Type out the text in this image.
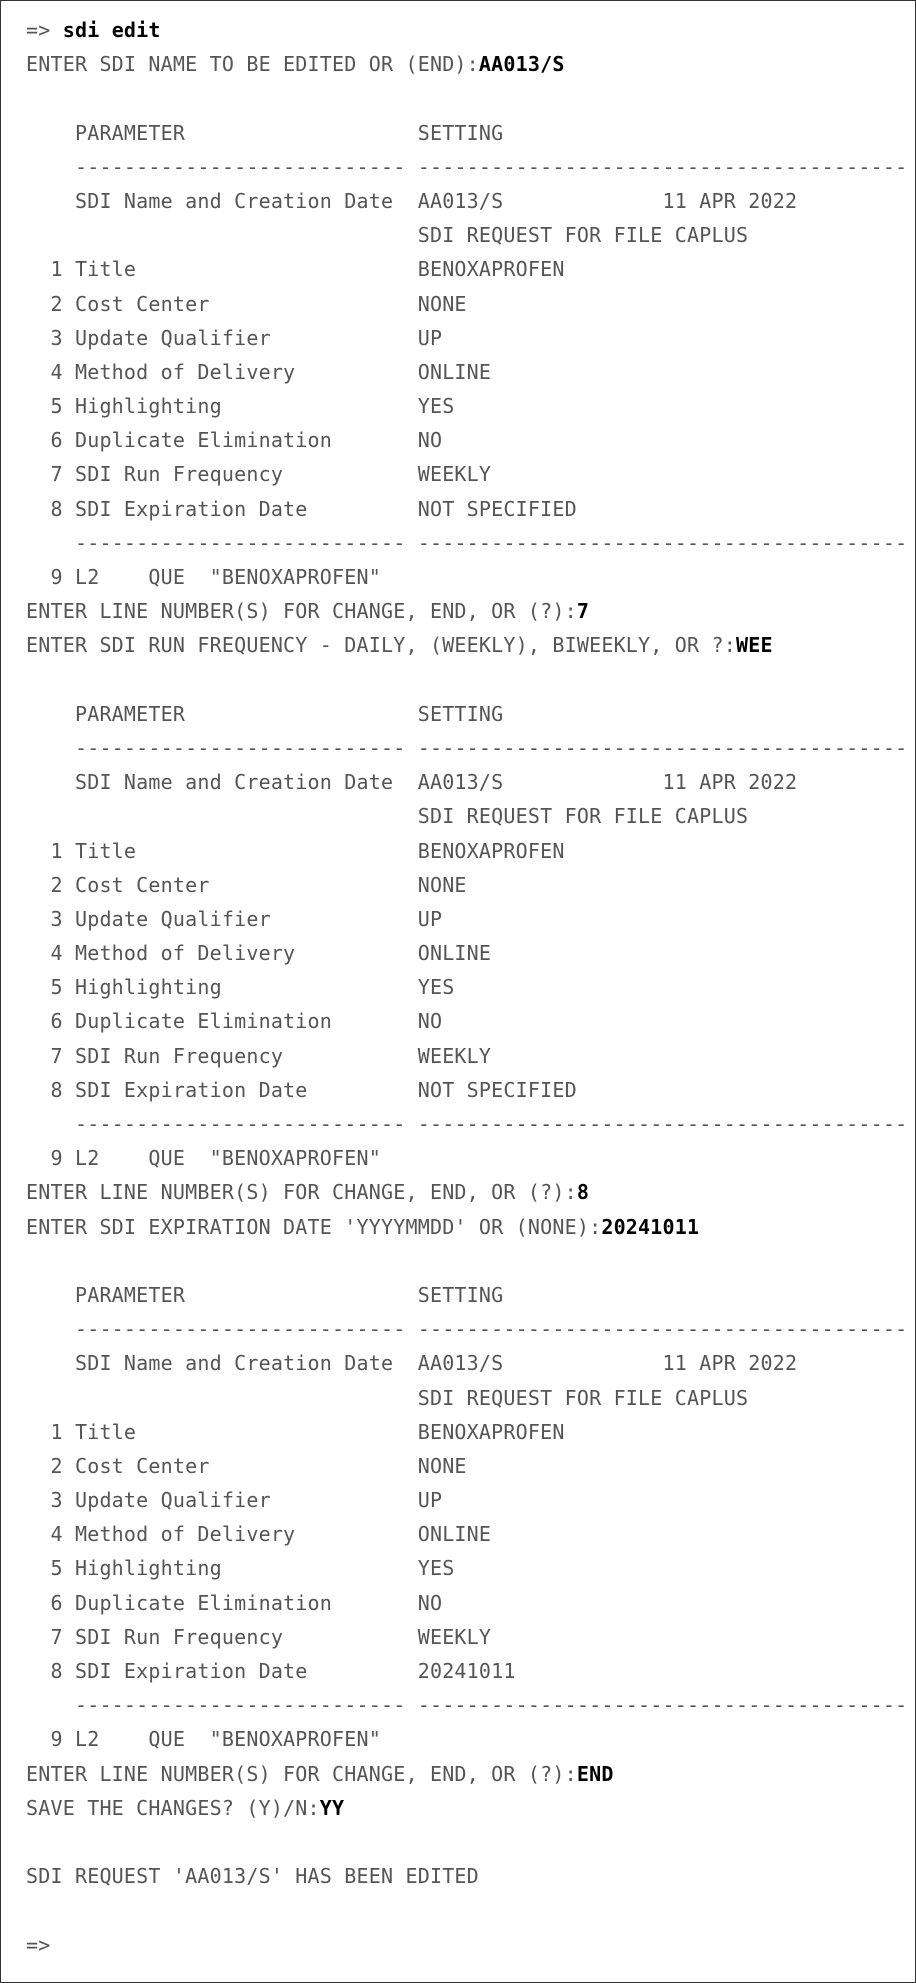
=> sdi edit
ENTER SDI NAME TO BE EDITED OR (END):AA013/S
PARAMETER                   SETTING
--------------------------- ----------------------------------------
SDI Name and Creation Date  AA013/S             11 APR 2022
SDI REQUEST FOR FILE CAPLUS
1 Title                       BENOXAPROFEN
2 Cost Center                 NONE
3 Update Qualifier            UP
4 Method of Delivery          ONLINE
5 Highlighting                YES
6 Duplicate Elimination       NO
7 SDI Run Frequency           WEEKLY
8 SDI Expiration Date         NOT SPECIFIED
--------------------------- ----------------------------------------
9 L2    QUE  "BENOXAPROFEN"
ENTER LINE NUMBER(S) FOR CHANGE, END, OR (?):7
ENTER SDI RUN FREQUENCY - DAILY, (WEEKLY), BIWEEKLY, OR ?:WEE
PARAMETER                   SETTING
--------------------------- ----------------------------------------
SDI Name and Creation Date  AA013/S             11 APR 2022
SDI REQUEST FOR FILE CAPLUS
1 Title                       BENOXAPROFEN
2 Cost Center                 NONE
3 Update Qualifier            UP
4 Method of Delivery          ONLINE
5 Highlighting                YES
6 Duplicate Elimination       NO
7 SDI Run Frequency           WEEKLY
8 SDI Expiration Date         NOT SPECIFIED
--------------------------- ----------------------------------------
9 L2    QUE  "BENOXAPROFEN"
ENTER LINE NUMBER(S) FOR CHANGE, END, OR (?):8
ENTER SDI EXPIRATION DATE 'YYYYMMDD' OR (NONE):20241011
PARAMETER                   SETTING
--------------------------- ----------------------------------------
SDI Name and Creation Date  AA013/S             11 APR 2022
SDI REQUEST FOR FILE CAPLUS
1 Title                       BENOXAPROFEN
2 Cost Center                 NONE
3 Update Qualifier            UP
4 Method of Delivery          ONLINE
5 Highlighting                YES
6 Duplicate Elimination       NO
7 SDI Run Frequency           WEEKLY
8 SDI Expiration Date         20241011
--------------------------- ----------------------------------------
9 L2    QUE  "BENOXAPROFEN"
ENTER LINE NUMBER(S) FOR CHANGE, END, OR (?):END
SAVE THE CHANGES? (Y)/N:YY
SDI REQUEST 'AA013/S' HAS BEEN EDITED
=>
